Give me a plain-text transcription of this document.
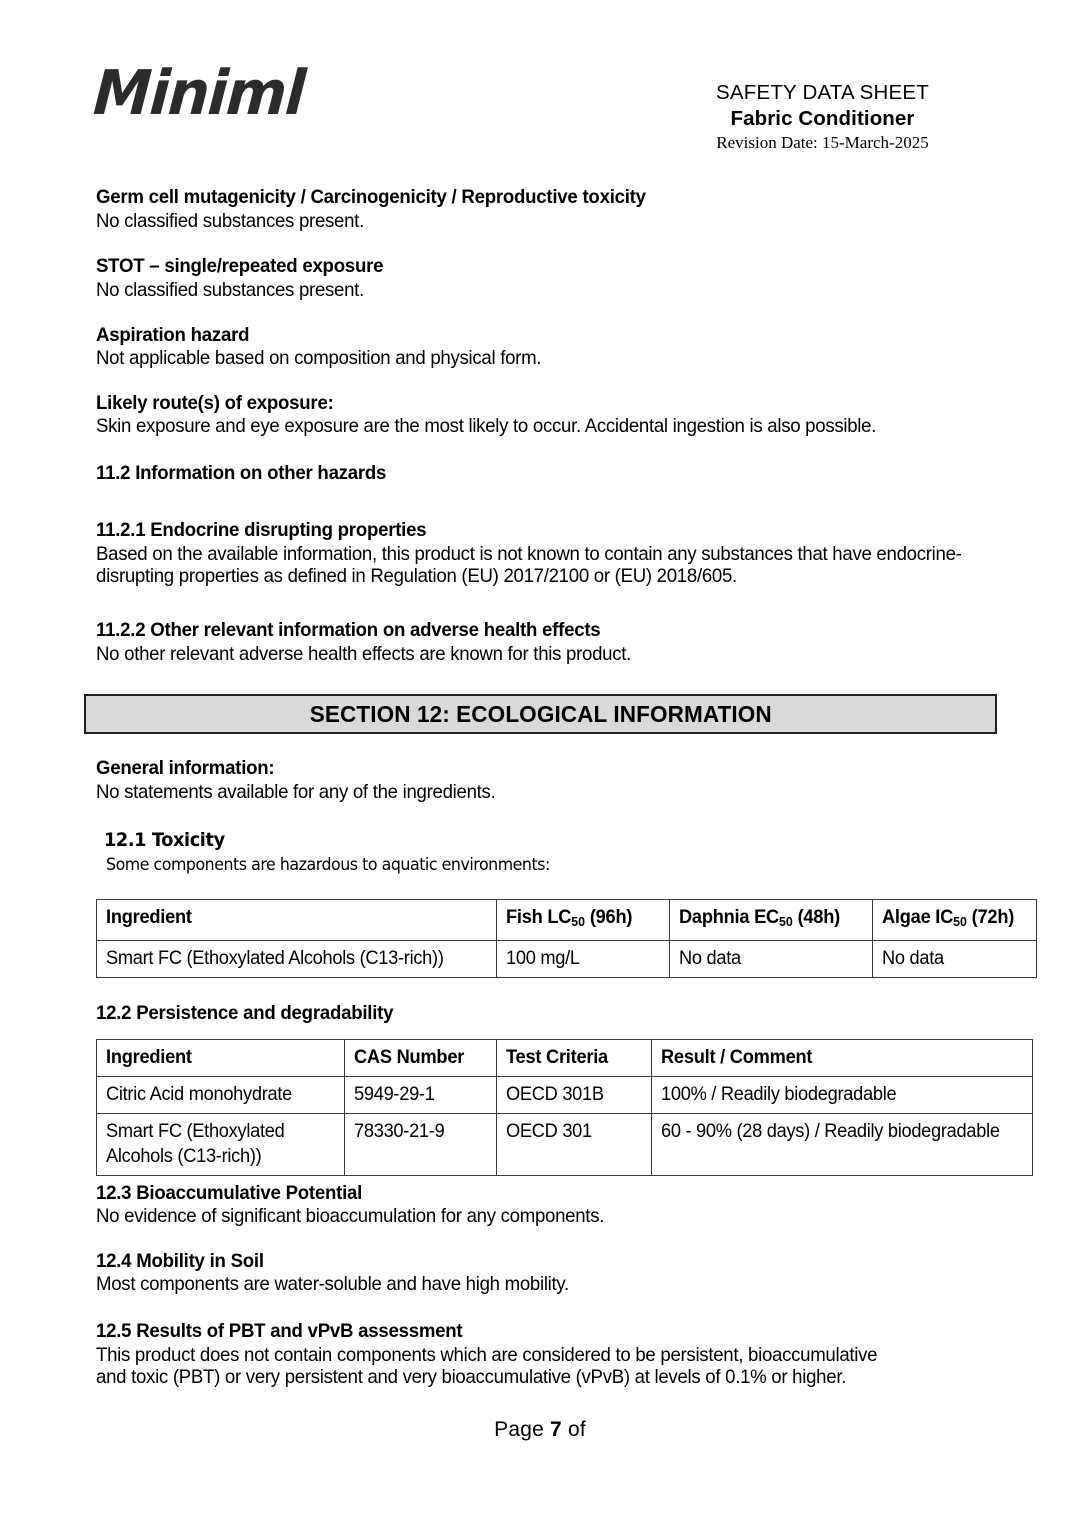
Miniml	SAFETY DATA SHEET
Fabric Conditioner
Revision Date: 15-March-2025
Germ cell mutagenicity / Carcinogenicity / Reproductive toxicity
No classified substances present.
STOT – single/repeated exposure
No classified substances present.
Aspiration hazard
Not applicable based on composition and physical form.
Likely route(s) of exposure:
Skin exposure and eye exposure are the most likely to occur. Accidental ingestion is also possible.
11.2 Information on other hazards
11.2.1 Endocrine disrupting properties
Based on the available information, this product is not known to contain any substances that have endocrine-
disrupting properties as defined in Regulation (EU) 2017/2100 or (EU) 2018/605.
11.2.2 Other relevant information on adverse health effects
No other relevant adverse health effects are known for this product.
SECTION 12: ECOLOGICAL INFORMATION
General information:
No statements available for any of the ingredients.
12.1 Toxicity
Some components are hazardous to aquatic environments:
Ingredient	Fish $LC_{50}$ (96h)	Daphnia $EC_{50}$ (48h)	Algae $IC_{50}$ (72h)

Smart FC (Ethoxylated Alcohols (C13-rich))	100 mg/L	No data	No data
12.2 Persistence and degradability
Ingredient	CAS Number	Test Criteria	Result / Comment

Citric Acid monohydrate	5949-29-1	OECD 301B	100% / Readily biodegradable

Smart FC (Ethoxylated Alcohols (C13-rich))	78330-21-9	OECD 301	60 - 90% (28 days) / Readily biodegradable
12.3 Bioaccumulative Potential
No evidence of significant bioaccumulation for any components.
12.4 Mobility in Soil
Most components are water-soluble and have high mobility.
12.5 Results of PBT and vPvB assessment
This product does not contain components which are considered to be persistent, bioaccumulative
and toxic (PBT) or very persistent and very bioaccumulative (vPvB) at levels of 0.1% or higher.
Page 7 of
